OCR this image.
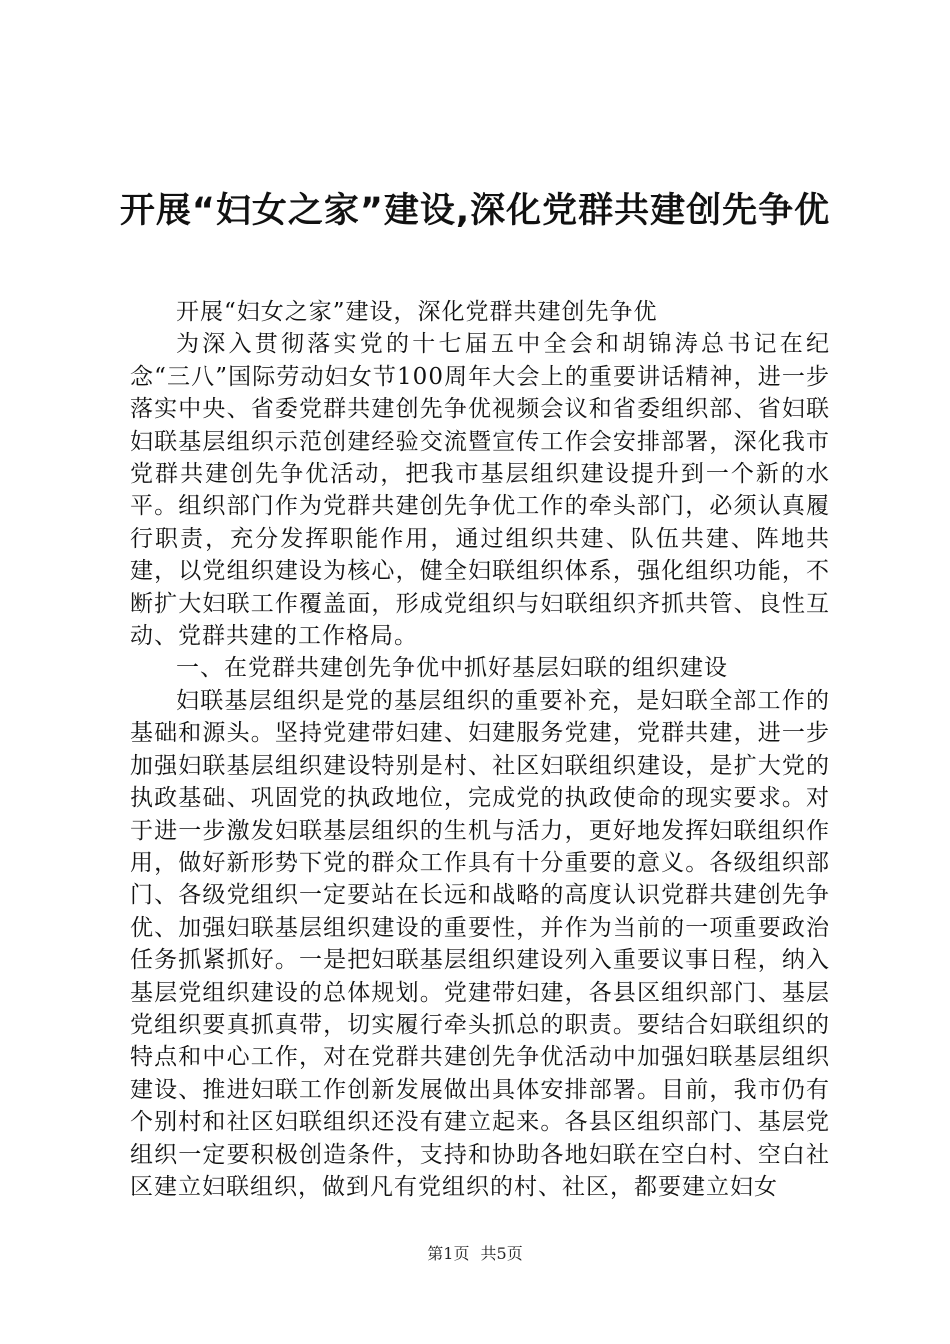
开展“妇女之家”建设,深化党群共建创先争优

开展“妇女之家”建设，深化党群共建创先争优

为深入贯彻落实党的十七届五中全会和胡锦涛总书记在纪念“三八”国际劳动妇女节100周年大会上的重要讲话精神，进一步落实中央、省委党群共建创先争优视频会议和省委组织部、省妇联妇联基层组织示范创建经验交流暨宣传工作会安排部署，深化我市党群共建创先争优活动，把我市基层组织建设提升到一个新的水平。组织部门作为党群共建创先争优工作的牵头部门，必须认真履行职责，充分发挥职能作用，通过组织共建、队伍共建、阵地共建，以党组织建设为核心，健全妇联组织体系，强化组织功能，不断扩大妇联工作覆盖面，形成党组织与妇联组织齐抓共管、良性互动、党群共建的工作格局。

一、在党群共建创先争优中抓好基层妇联的组织建设

妇联基层组织是党的基层组织的重要补充，是妇联全部工作的基础和源头。坚持党建带妇建、妇建服务党建，党群共建，进一步加强妇联基层组织建设特别是村、社区妇联组织建设，是扩大党的执政基础、巩固党的执政地位，完成党的执政使命的现实要求。对于进一步激发妇联基层组织的生机与活力，更好地发挥妇联组织作用，做好新形势下党的群众工作具有十分重要的意义。各级组织部门、各级党组织一定要站在长远和战略的高度认识党群共建创先争优、加强妇联基层组织建设的重要性，并作为当前的一项重要政治任务抓紧抓好。一是把妇联基层组织建设列入重要议事日程，纳入基层党组织建设的总体规划。党建带妇建，各县区组织部门、基层党组织要真抓真带，切实履行牵头抓总的职责。要结合妇联组织的特点和中心工作，对在党群共建创先争优活动中加强妇联基层组织建设、推进妇联工作创新发展做出具体安排部署。目前，我市仍有个别村和社区妇联组织还没有建立起来。各县区组织部门、基层党组织一定要积极创造条件，支持和协助各地妇联在空白村、空白社区建立妇联组织，做到凡有党组织的村、社区，都要建立妇女

第1页 共5页
